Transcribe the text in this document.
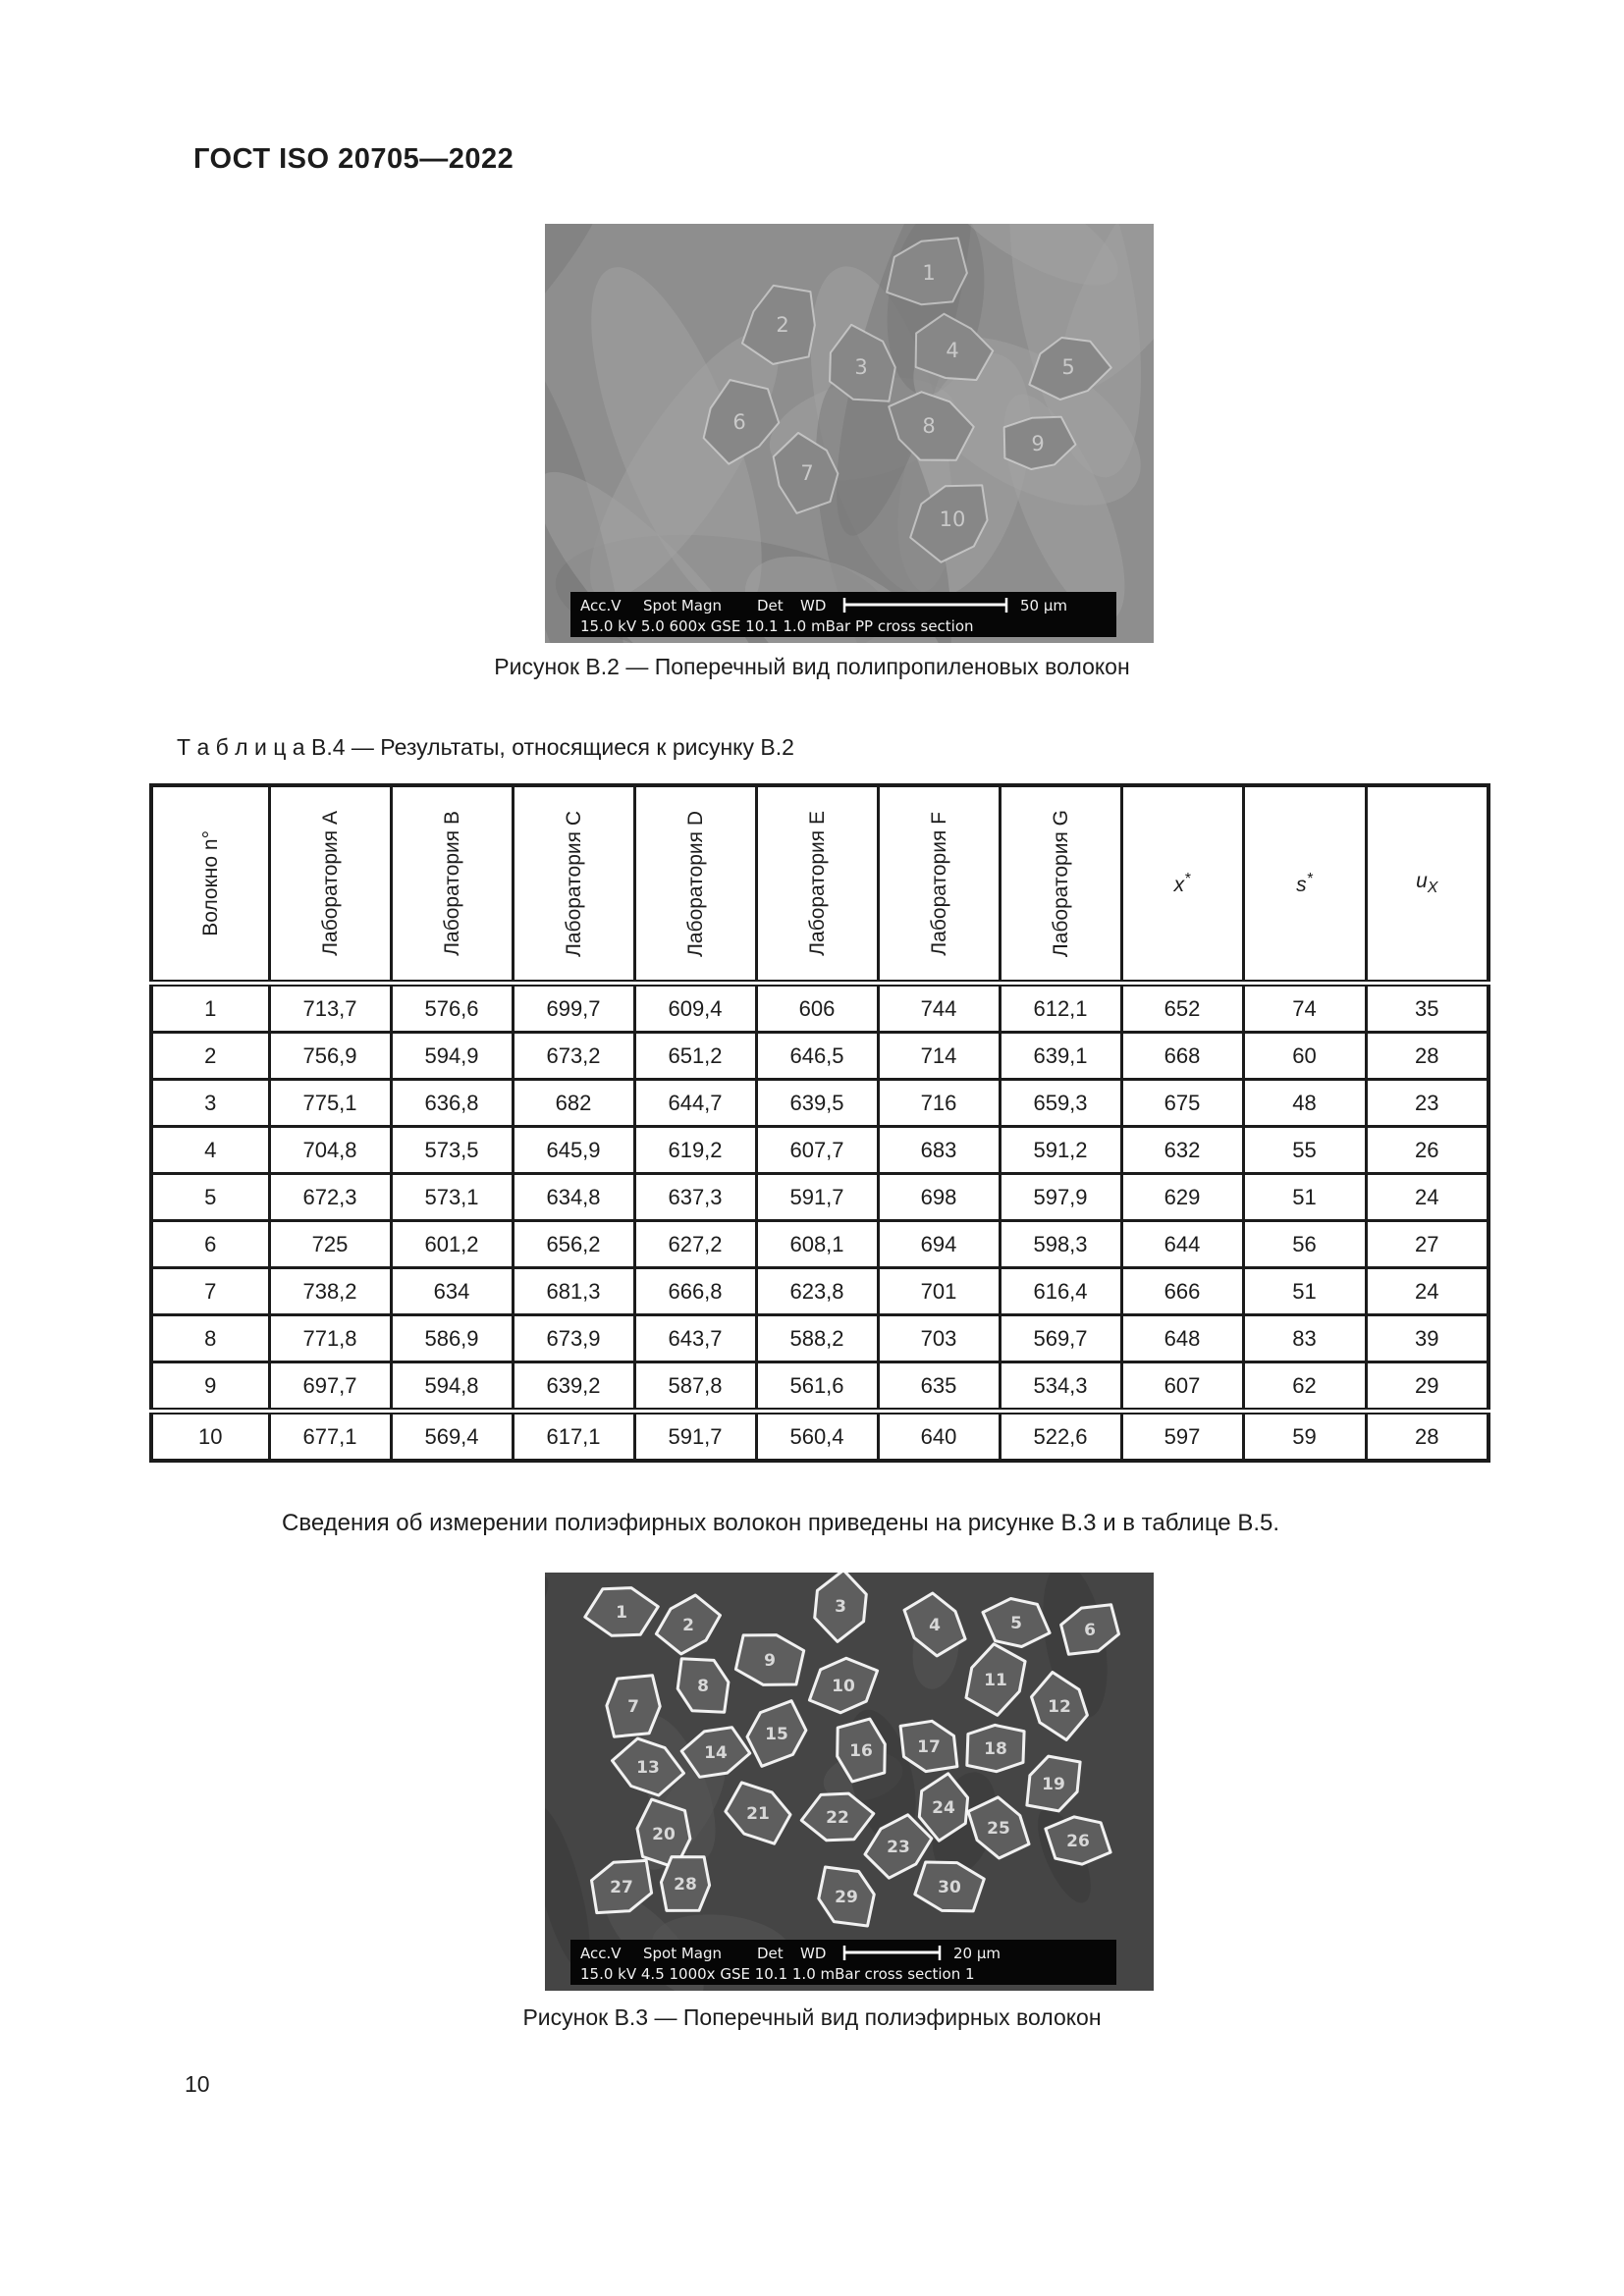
ГОСТ ISO 20705—2022
1
2
3
4
5
6
7
8
9
10
Acc.V Spot Magn Det WD	50 µm
15.0 kV 5.0 600x GSE 10.1 1.0 mBar PP cross section
Рисунок В.2 — Поперечный вид полипропиленовых волокон
Т а б л и ц а В.4 — Результаты, относящиеся к рисунку В.2
Волокно n°	Лаборатория A	Лаборатория B	Лаборатория C	Лаборатория D	Лаборатория E	Лаборатория F	Лаборатория G	x*	s*	$u_X$
1	713,7	576,6	699,7	609,4	606	744	612,1	652	74	35
2	756,9	594,9	673,2	651,2	646,5	714	639,1	668	60	28
3	775,1	636,8	682	644,7	639,5	716	659,3	675	48	23
4	704,8	573,5	645,9	619,2	607,7	683	591,2	632	55	26
5	672,3	573,1	634,8	637,3	591,7	698	597,9	629	51	24
6	725	601,2	656,2	627,2	608,1	694	598,3	644	56	27
7	738,2	634	681,3	666,8	623,8	701	616,4	666	51	24
8	771,8	586,9	673,9	643,7	588,2	703	569,7	648	83	39
9	697,7	594,8	639,2	587,8	561,6	635	534,3	607	62	29
10	677,1	569,4	617,1	591,7	560,4	640	522,6	597	59	28
Сведения об измерении полиэфирных волокон приведены на рисунке В.3 и в таблице В.5.
1
2
3
4	5	6
7
8
9
10	11
12
13
14
15
16	17	18
19
20
21	22
23
24
25
26
27 28
29	30
Acc.V Spot Magn Det WD	20 µm
15.0 kV 4.5 1000x GSE 10.1 1.0 mBar cross section 1
Рисунок В.3 — Поперечный вид полиэфирных волокон
10
